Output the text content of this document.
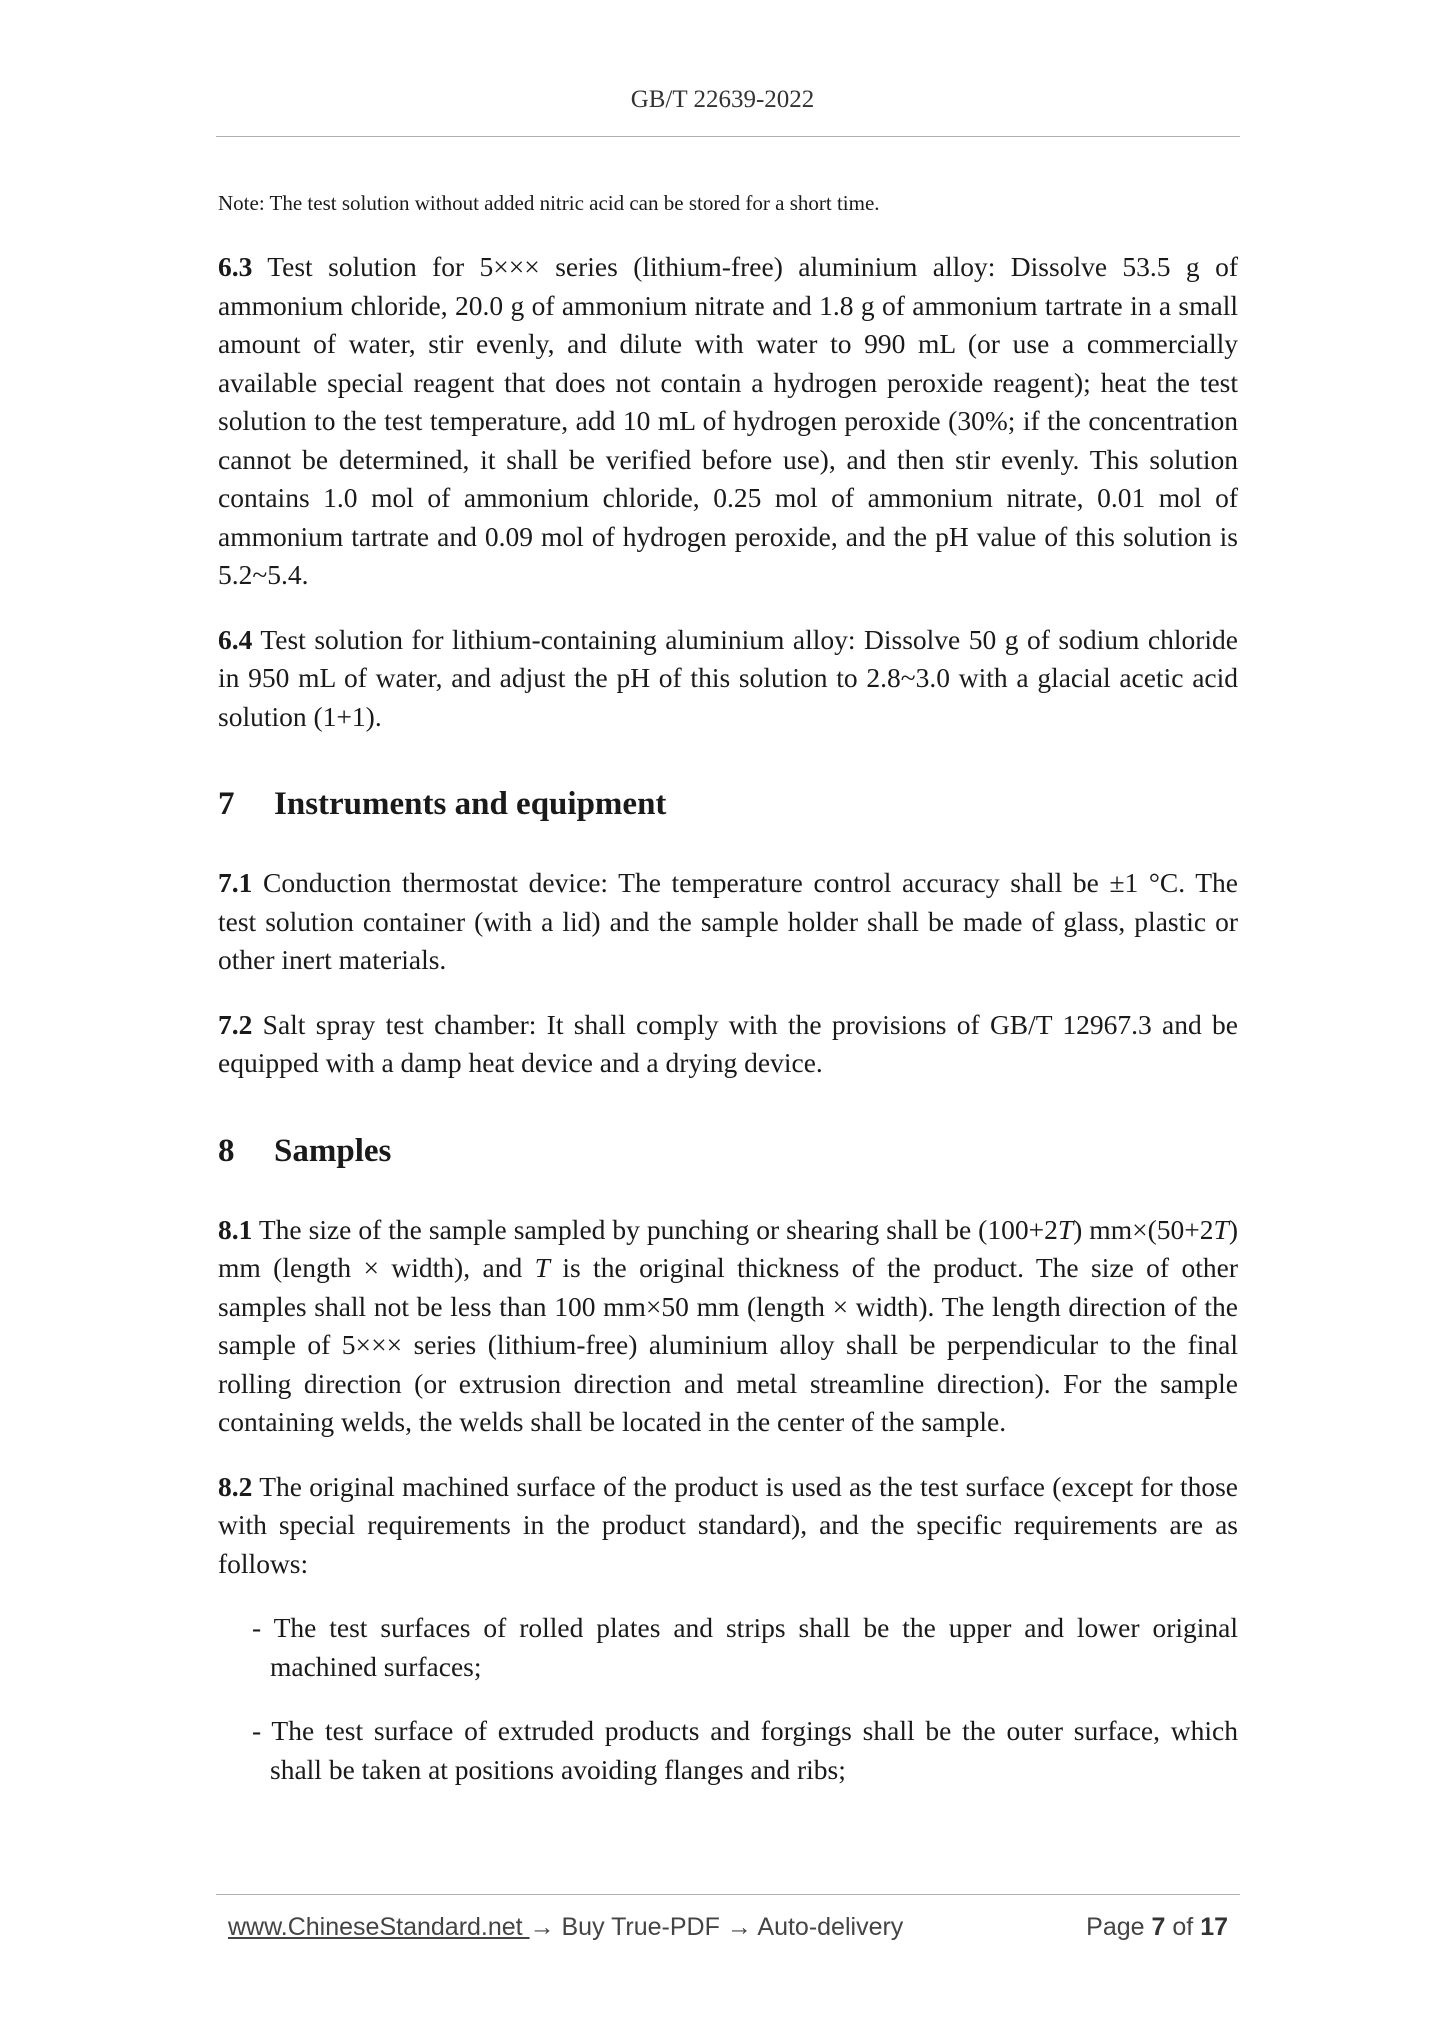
GB/T 22639-2022

Note: The test solution without added nitric acid can be stored for a short time.

6.3 Test solution for 5××× series (lithium-free) aluminium alloy: Dissolve 53.5 g of ammonium chloride, 20.0 g of ammonium nitrate and 1.8 g of ammonium tartrate in a small amount of water, stir evenly, and dilute with water to 990 mL (or use a commercially available special reagent that does not contain a hydrogen peroxide reagent); heat the test solution to the test temperature, add 10 mL of hydrogen peroxide (30%; if the concentration cannot be determined, it shall be verified before use), and then stir evenly. This solution contains 1.0 mol of ammonium chloride, 0.25 mol of ammonium nitrate, 0.01 mol of ammonium tartrate and 0.09 mol of hydrogen peroxide, and the pH value of this solution is 5.2~5.4.

6.4 Test solution for lithium-containing aluminium alloy: Dissolve 50 g of sodium chloride in 950 mL of water, and adjust the pH of this solution to 2.8~3.0 with a glacial acetic acid solution (1+1).

7 Instruments and equipment

7.1 Conduction thermostat device: The temperature control accuracy shall be ±1 °C. The test solution container (with a lid) and the sample holder shall be made of glass, plastic or other inert materials.

7.2 Salt spray test chamber: It shall comply with the provisions of GB/T 12967.3 and be equipped with a damp heat device and a drying device.

8 Samples

8.1 The size of the sample sampled by punching or shearing shall be (100+2T) mm×(50+2T) mm (length × width), and T is the original thickness of the product. The size of other samples shall not be less than 100 mm×50 mm (length × width). The length direction of the sample of 5××× series (lithium-free) aluminium alloy shall be perpendicular to the final rolling direction (or extrusion direction and metal streamline direction). For the sample containing welds, the welds shall be located in the center of the sample.

8.2 The original machined surface of the product is used as the test surface (except for those with special requirements in the product standard), and the specific requirements are as follows:

- The test surfaces of rolled plates and strips shall be the upper and lower original machined surfaces;

- The test surface of extruded products and forgings shall be the outer surface, which shall be taken at positions avoiding flanges and ribs;

www.ChineseStandard.net → Buy True-PDF → Auto-delivery	Page 7 of 17
